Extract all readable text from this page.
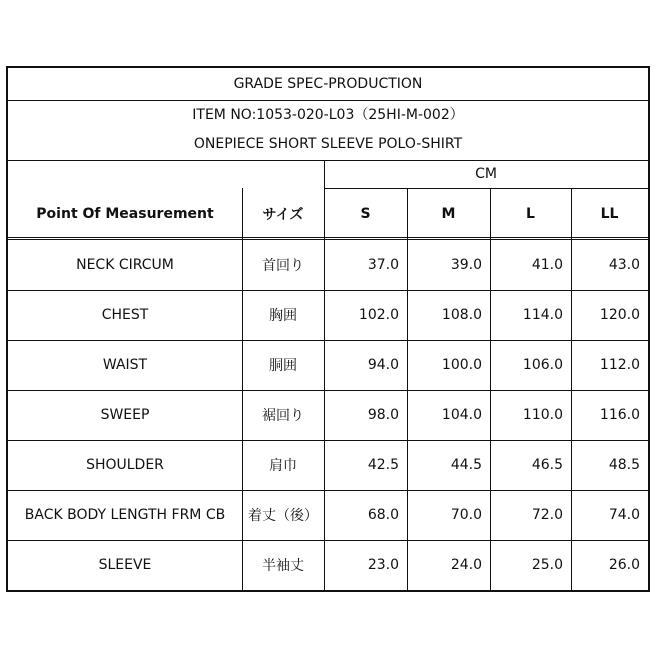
GRADE SPEC-PRODUCTION
ITEM NO:1053-020-L03（25HI-M-002）
ONEPIECE SHORT SLEEVE POLO-SHIRT
CM
Point Of Measurement	サイズ	S	M	L	LL
NECK CIRCUM	首回り	37.0	39.0	41.0	43.0
CHEST	胸囲	102.0	108.0	114.0	120.0
WAIST	胴囲	94.0	100.0	106.0	112.0
SWEEP	裾回り	98.0	104.0	110.0	116.0
SHOULDER	肩巾	42.5	44.5	46.5	48.5
BACK BODY LENGTH FRM CB	着丈（後）	68.0	70.0	72.0	74.0
SLEEVE	半袖丈	23.0	24.0	25.0	26.0
